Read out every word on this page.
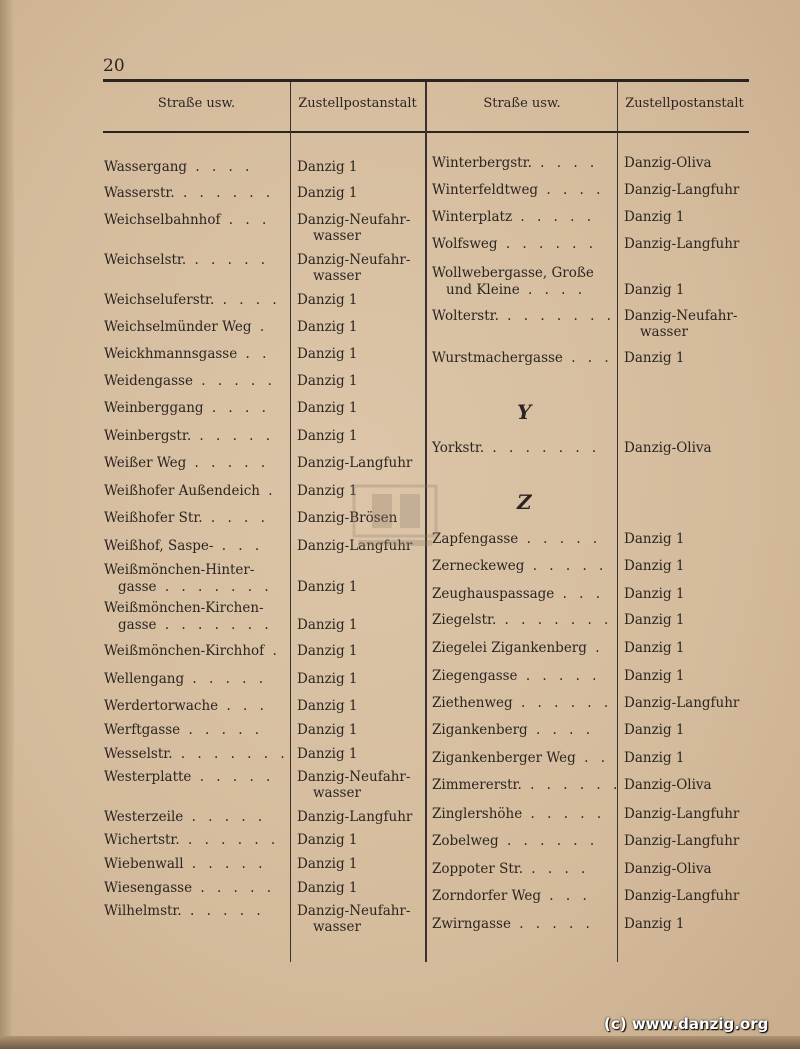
20
Straße usw.	Zustellpostanstalt	Straße usw.	Zustellpostanstalt
Wassergang . . . .	Danzig 1
Wasserstr. . . . . . . Danzig 1
Weichselbahnhof . . . Danzig-Neufahr-
wasser
Weichselstr. . . . . . Danzig-Neufahr-
wasser
Weichseluferstr. . . . . Danzig 1
Weichselmünder Weg . Danzig 1
Weickhmannsgasse . . Danzig 1
Weidengasse . . . . . Danzig 1
Weinberggang . . . . Danzig 1
Weinbergstr. . . . . . Danzig 1
Weißer Weg . . . . . Danzig-Langfuhr
Weißhofer Außendeich . Danzig 1
Weißhofer Str. . . . . Danzig-Brösen
Weißhof, Saspe- . . .	Danzig-Langfuhr
Weißmönchen-Hinter-
gasse . . . . . . . Danzig 1
Weißmönchen-Kirchen-
gasse . . . . . . . Danzig 1
Weißmönchen-Kirchhof . Danzig 1
Wellengang . . . . . Danzig 1
Werdertorwache . . . Danzig 1
Werftgasse . . . . .	Danzig 1
Wesselstr. . . . . . . . Danzig 1
Westerplatte . . . . . Danzig-Neufahr-
wasser
Westerzeile . . . . . Danzig-Langfuhr
Wichertstr. . . . . . . Danzig 1
Wiebenwall . . . . . Danzig 1
Wiesengasse . . . . . Danzig 1
Wilhelmstr. . . . . . Danzig-Neufahr-
wasser
Winterbergstr. . . . . Danzig-Oliva
Winterfeldtweg . . . . Danzig-Langfuhr
Winterplatz . . . . . Danzig 1
Wolfsweg . . . . . . Danzig-Langfuhr
Wollwebergasse, Große
und Kleine . . . .	Danzig 1
Wolterstr. . . . . . . . Danzig-Neufahr-
wasser
Wurstmachergasse . . . Danzig 1
Y
Yorkstr. . . . . . . . Danzig-Oliva
Z
Zapfengasse . . . . . Danzig 1
Zerneckeweg . . . . . Danzig 1
Zeughauspassage . . . Danzig 1
Ziegelstr. . . . . . . . Danzig 1
Ziegelei Zigankenberg . Danzig 1
Ziegengasse . . . . . Danzig 1
Ziethenweg . . . . . . Danzig-Langfuhr
Zigankenberg . . . . Danzig 1
Zigankenberger Weg . . Danzig 1
Zimmererstr. . . . . . . Danzig-Oliva
Zinglershöhe . . . . . Danzig-Langfuhr
Zobelweg . . . . . . Danzig-Langfuhr
Zoppoter Str. . . . .	Danzig-Oliva
Zorndorfer Weg . . . Danzig-Langfuhr
Zwirngasse . . . . . Danzig 1
(c) www.danzig.org
